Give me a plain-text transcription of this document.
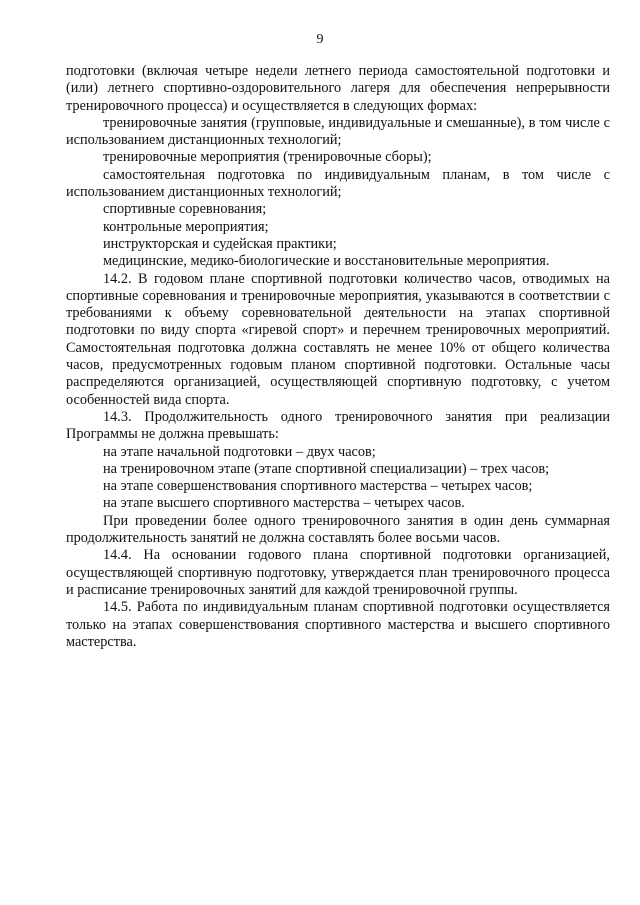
9

подготовки (включая четыре недели летнего периода самостоятельной подготовки и (или) летнего спортивно-оздоровительного лагеря для обеспечения непрерывности тренировочного процесса) и осуществляется в следующих формах:

тренировочные занятия (групповые, индивидуальные и смешанные), в том числе с использованием дистанционных технологий;

тренировочные мероприятия (тренировочные сборы);

самостоятельная подготовка по индивидуальным планам, в том числе с использованием дистанционных технологий;

спортивные соревнования;

контрольные мероприятия;

инструкторская и судейская практики;

медицинские, медико-биологические и восстановительные мероприятия.

14.2. В годовом плане спортивной подготовки количество часов, отводимых на спортивные соревнования и тренировочные мероприятия, указываются в соответствии с требованиями к объему соревновательной деятельности на этапах спортивной подготовки по виду спорта «гиревой спорт» и перечнем тренировочных мероприятий. Самостоятельная подготовка должна составлять не менее 10% от общего количества часов, предусмотренных годовым планом спортивной подготовки. Остальные часы распределяются организацией, осуществляющей спортивную подготовку, с учетом особенностей вида спорта.

14.3. Продолжительность одного тренировочного занятия при реализации Программы не должна превышать:

на этапе начальной подготовки – двух часов;

на тренировочном этапе (этапе спортивной специализации) – трех часов;

на этапе совершенствования спортивного мастерства – четырех часов;

на этапе высшего спортивного мастерства – четырех часов.

При проведении более одного тренировочного занятия в один день суммарная продолжительность занятий не должна составлять более восьми часов.

14.4. На основании годового плана спортивной подготовки организацией, осуществляющей спортивную подготовку, утверждается план тренировочного процесса и расписание тренировочных занятий для каждой тренировочной группы.

14.5. Работа по индивидуальным планам спортивной подготовки осуществляется только на этапах совершенствования спортивного мастерства и высшего спортивного мастерства.
